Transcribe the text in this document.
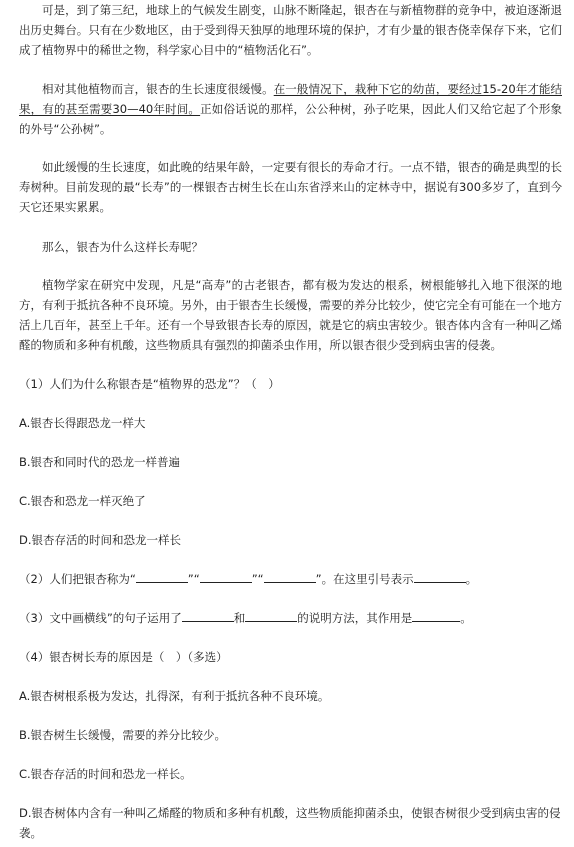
可是，到了第三纪，地球上的气候发生剧变，山脉不断隆起，银杏在与新植物群的竞争中，被迫逐渐退出历史舞台。只有在少数地区，由于受到得天独厚的地理环境的保护，才有少量的银杏侥幸保存下来，它们成了植物界中的稀世之物，科学家心目中的“植物活化石”。

相对其他植物而言，银杏的生长速度很缓慢。在一般情况下，栽种下它的幼苗，要经过15-20年才能结果，有的甚至需要30—40年时间。正如俗话说的那样，公公种树，孙子吃果，因此人们又给它起了个形象的外号“公孙树”。

如此缓慢的生长速度，如此晚的结果年龄，一定要有很长的寿命才行。一点不错，银杏的确是典型的长寿树种。目前发现的最“长寿”的一棵银杏古树生长在山东省浮来山的定林寺中，据说有300多岁了，直到今天它还果实累累。

那么，银杏为什么这样长寿呢？

植物学家在研究中发现，凡是“高寿”的古老银杏，都有极为发达的根系，树根能够扎入地下很深的地方，有利于抵抗各种不良环境。另外，由于银杏生长缓慢，需要的养分比较少，使它完全有可能在一个地方活上几百年，甚至上千年。还有一个导致银杏长寿的原因，就是它的病虫害较少。银杏体内含有一种叫乙烯醛的物质和多种有机酸，这些物质具有强烈的抑菌杀虫作用，所以银杏很少受到病虫害的侵袭。

（1）人们为什么称银杏是“植物界的恐龙”？（　）

A.银杏长得跟恐龙一样大

B.银杏和同时代的恐龙一样普遍

C.银杏和恐龙一样灭绝了

D.银杏存活的时间和恐龙一样长

（2）人们把银杏称为“	”“	”“	”。在这里引号表示	。

（3）文中画横线”的句子运用了	和	的说明方法，其作用是	。

（4）银杏树长寿的原因是（　）（多选）

A.银杏树根系极为发达，扎得深，有利于抵抗各种不良环境。

B.银杏树生长缓慢，需要的养分比较少。

C.银杏存活的时间和恐龙一样长。

D.银杏树体内含有一种叫乙烯醛的物质和多种有机酸，这些物质能抑菌杀虫，使银杏树很少受到病虫害的侵袭。
